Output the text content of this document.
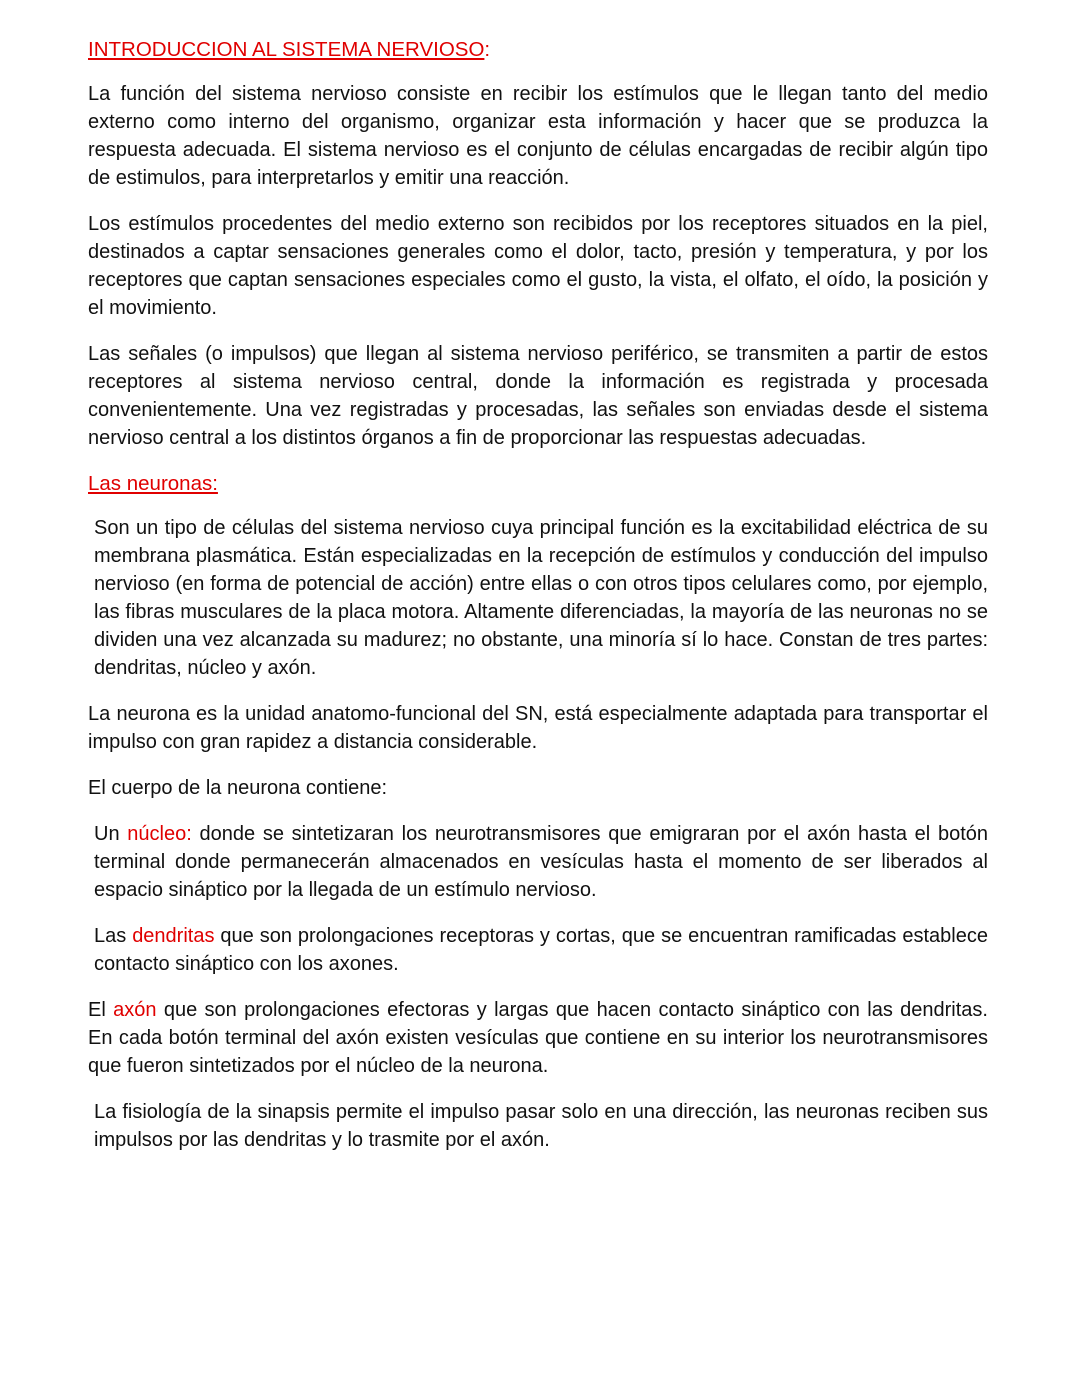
INTRODUCCION AL SISTEMA NERVIOSO:

La función del sistema nervioso consiste en recibir los estímulos que le llegan tanto del medio externo como interno del organismo, organizar esta información y hacer que se produzca la respuesta adecuada. El sistema nervioso es el conjunto de células encargadas de recibir algún tipo de estimulos, para interpretarlos y emitir una reacción.

Los estímulos procedentes del medio externo son recibidos por los receptores situados en la piel, destinados a captar sensaciones generales como el dolor, tacto, presión y temperatura, y por los receptores que captan sensaciones especiales como el gusto, la vista, el olfato, el oído, la posición y el movimiento.

Las señales (o impulsos) que llegan al sistema nervioso periférico, se transmiten a partir de estos receptores al sistema nervioso central, donde la información es registrada y procesada convenientemente. Una vez registradas y procesadas, las señales son enviadas desde el sistema nervioso central a los distintos órganos a fin de proporcionar las respuestas adecuadas.

Las neuronas:

Son un tipo de células del sistema nervioso cuya principal función es la excitabilidad eléctrica de su membrana plasmática. Están especializadas en la recepción de estímulos y conducción del impulso nervioso (en forma de potencial de acción) entre ellas o con otros tipos celulares como, por ejemplo, las fibras musculares de la placa motora. Altamente diferenciadas, la mayoría de las neuronas no se dividen una vez alcanzada su madurez; no obstante, una minoría sí lo hace. Constan de tres partes: dendritas, núcleo y axón.

La neurona es la unidad anatomo-funcional del SN, está especialmente adaptada para transportar el impulso con gran rapidez a distancia considerable.

El cuerpo de la neurona contiene:

Un núcleo: donde se sintetizaran los neurotransmisores que emigraran por el axón hasta el botón terminal donde permanecerán almacenados en vesículas hasta el momento de ser liberados al espacio sináptico por la llegada de un estímulo nervioso.

Las dendritas que son prolongaciones receptoras y cortas, que se encuentran ramificadas establece contacto sináptico con los axones.

El axón que son prolongaciones efectoras y largas que hacen contacto sináptico con las dendritas. En cada botón terminal del axón existen vesículas que contiene en su interior los neurotransmisores que fueron sintetizados por el núcleo de la neurona.

La fisiología de la sinapsis permite el impulso pasar solo en una dirección, las neuronas reciben sus impulsos por las dendritas y lo trasmite por el axón.
